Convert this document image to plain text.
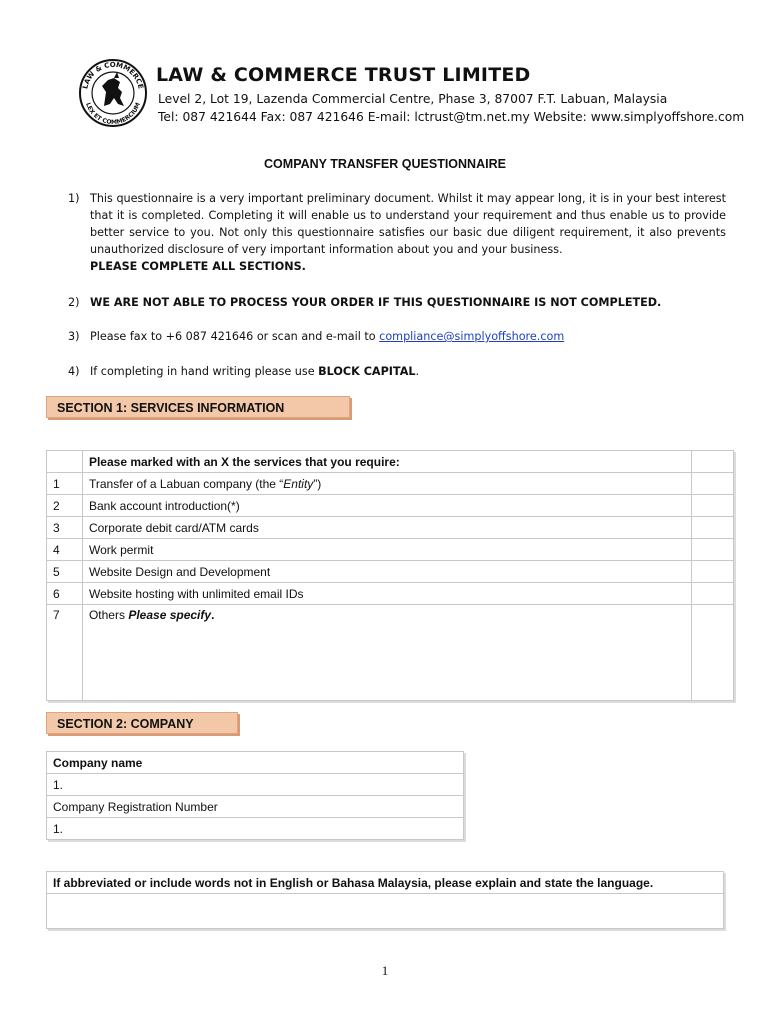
LAW & COMMERCE
LEX ET COMMERCIUM
LAW & COMMERCE TRUST LIMITED
Level 2, Lot 19, Lazenda Commercial Centre, Phase 3, 87007 F.T. Labuan, Malaysia
Tel: 087 421644 Fax: 087 421646 E-mail: lctrust@tm.net.my Website: www.simplyoffshore.com
COMPANY TRANSFER QUESTIONNAIRE
1) This questionnaire is a very important preliminary document. Whilst it may appear long, it is in your best interest that it is completed. Completing it will enable us to understand your requirement and thus enable us to provide better service to you. Not only this questionnaire satisfies our basic due diligent requirement, it also prevents unauthorized disclosure of very important information about you and your business.
PLEASE COMPLETE ALL SECTIONS.
2) WE ARE NOT ABLE TO PROCESS YOUR ORDER IF THIS QUESTIONNAIRE IS NOT COMPLETED.
3) Please fax to +6 087 421646 or scan and e-mail to compliance@simplyoffshore.com
4) If completing in hand writing please use BLOCK CAPITAL.
SECTION 1: SERVICES INFORMATION
	Please marked with an X the services that you require:	
1	Transfer of a Labuan company (the “Entity”)	
2	Bank account introduction(*)	
3	Corporate debit card/ATM cards	
4	Work permit	
5	Website Design and Development	
6	Website hosting with unlimited email IDs	
7	Others Please specify.	
SECTION 2: COMPANY
Company name
1.
Company Registration Number
1.
If abbreviated or include words not in English or Bahasa Malaysia, please explain and state the language.

1
